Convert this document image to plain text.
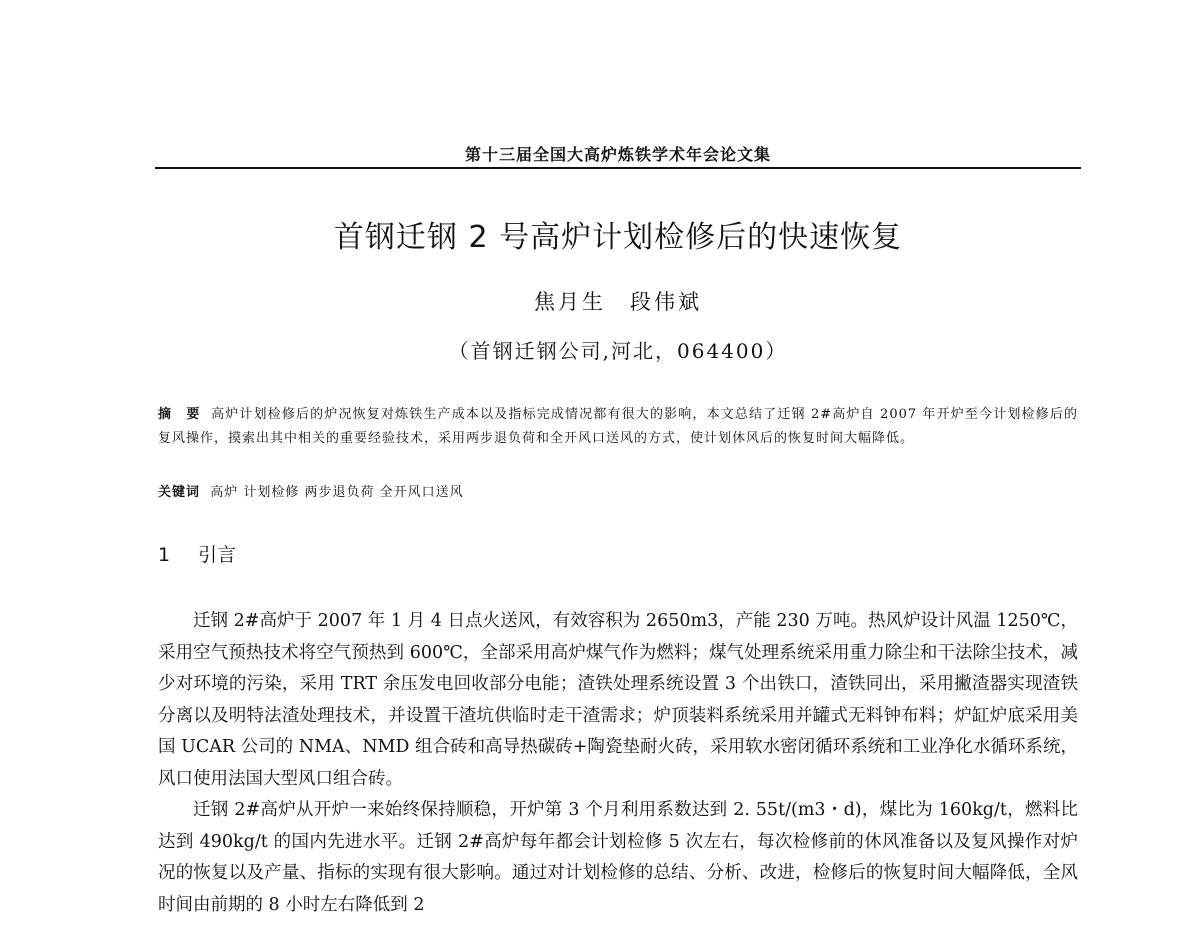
第十三届全国大高炉炼铁学术年会论文集
首钢迁钢 2 号高炉计划检修后的快速恢复
焦月生　段伟斌
（首钢迁钢公司,河北，064400）
摘　要 高炉计划检修后的炉况恢复对炼铁生产成本以及指标完成情况都有很大的影响，本文总结了迁钢 2#高炉自 2007 年开炉至今计划检修后的复风操作，摸索出其中相关的重要经验技术，采用两步退负荷和全开风口送风的方式，使计划休风后的恢复时间大幅降低。
关键词 高炉 计划检修 两步退负荷 全开风口送风
1 引言

迁钢 2#高炉于 2007 年 1 月 4 日点火送风，有效容积为 2650m3，产能 230 万吨。热风炉设计风温 1250℃，采用空气预热技术将空气预热到 600℃，全部采用高炉煤气作为燃料；煤气处理系统采用重力除尘和干法除尘技术，减少对环境的污染，采用 TRT 余压发电回收部分电能；渣铁处理系统设置 3 个出铁口，渣铁同出，采用撇渣器实现渣铁分离以及明特法渣处理技术，并设置干渣坑供临时走干渣需求；炉顶装料系统采用并罐式无料钟布料；炉缸炉底采用美国 UCAR 公司的 NMA、NMD 组合砖和高导热碳砖+陶瓷垫耐火砖，采用软水密闭循环系统和工业净化水循环系统，风口使用法国大型风口组合砖。

迁钢 2#高炉从开炉一来始终保持顺稳，开炉第 3 个月利用系数达到 2. 55t/(m3・d)，煤比为 160kg/t，燃料比达到 490kg/t 的国内先进水平。迁钢 2#高炉每年都会计划检修 5 次左右，每次检修前的休风准备以及复风操作对炉况的恢复以及产量、指标的实现有很大影响。通过对计划检修的总结、分析、改进，检修后的恢复时间大幅降低，全风时间由前期的 8 小时左右降低到 2
